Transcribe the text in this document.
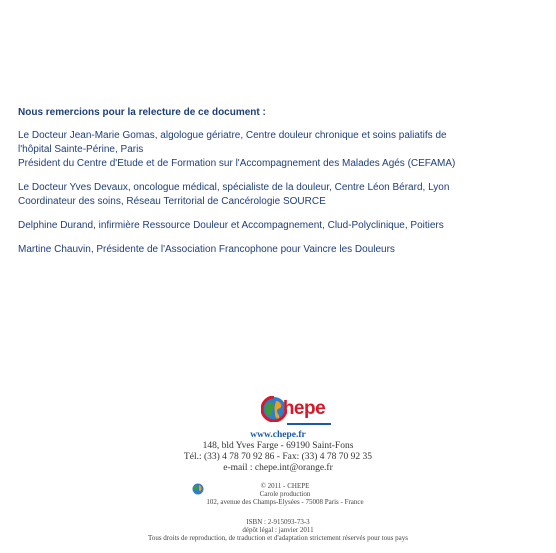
Nous remercions pour la relecture de ce document :
Le Docteur Jean-Marie Gomas, algologue gériatre, Centre douleur chronique et soins paliatifs de
l'hôpital Sainte-Périne, Paris
Président du Centre d'Etude et de Formation sur l'Accompagnement des Malades Agés (CEFAMA)
Le Docteur Yves Devaux, oncologue médical, spécialiste de la douleur, Centre Léon Bérard, Lyon
Coordinateur des soins, Réseau Territorial de Cancérologie SOURCE
Delphine Durand, infirmière Ressource Douleur et Accompagnement, Clud-Polyclinique, Poitiers
Martine Chauvin, Présidente de l'Association Francophone pour Vaincre les Douleurs
hepe
www.chepe.fr
148, bld Yves Farge - 69190 Saint-Fons
Tél.: (33) 4 78 70 92 86 - Fax: (33) 4 78 70 92 35
e-mail : chepe.int@orange.fr
© 2011 - CHEPE
Carole production
102, avenue des Champs-Elysées - 75008 Paris - France
ISBN : 2-915093-73-3
dépôt légal : janvier 2011
Tous droits de reproduction, de traduction et d'adaptation strictement réservés pour tous pays
